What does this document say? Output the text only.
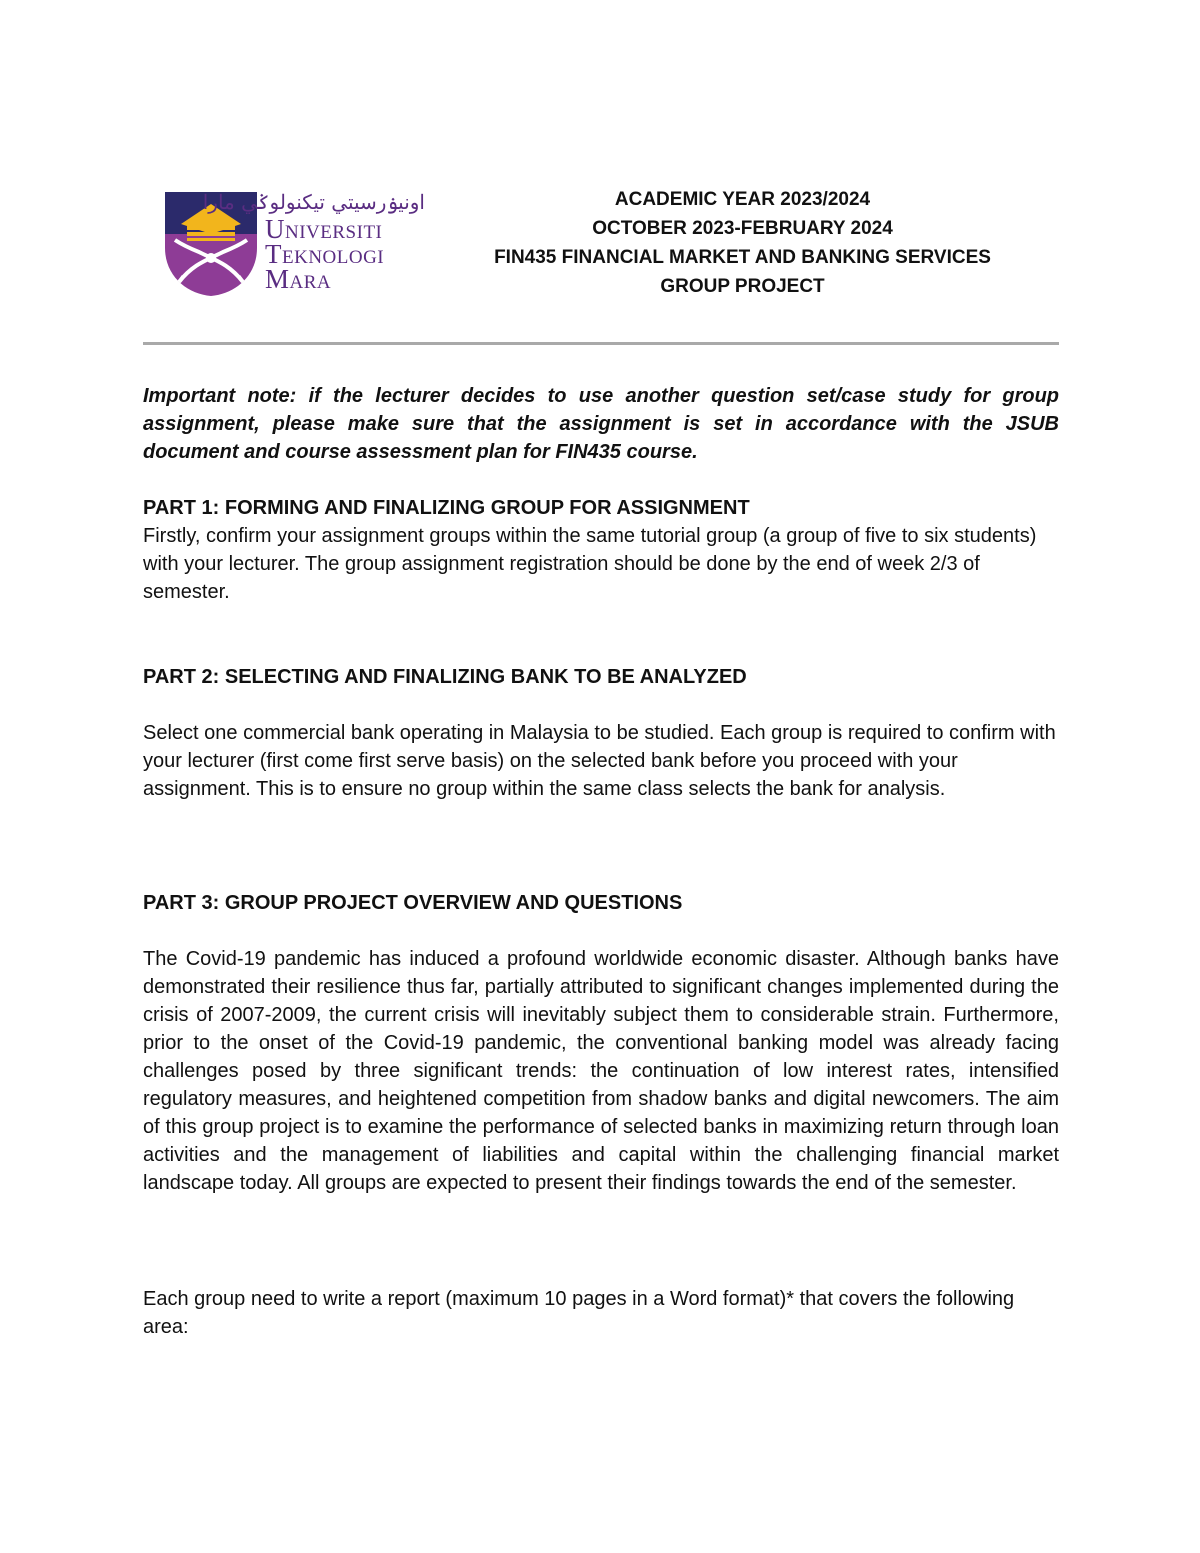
اونيۏرسيتي تيكنولوݢي مارا
Universiti
Teknologi
Mara
ACADEMIC YEAR 2023/2024
OCTOBER 2023-FEBRUARY 2024
FIN435 FINANCIAL MARKET AND BANKING SERVICES
GROUP PROJECT
Important note: if the lecturer decides to use another question set/case study for group assignment, please make sure that the assignment is set in accordance with the JSUB document and course assessment plan for FIN435 course.
PART 1: FORMING AND FINALIZING GROUP FOR ASSIGNMENT
Firstly, confirm your assignment groups within the same tutorial group (a group of five to six students) with your lecturer. The group assignment registration should be done by the end of week 2/3 of semester.
PART 2: SELECTING AND FINALIZING BANK TO BE ANALYZED
Select one commercial bank operating in Malaysia to be studied. Each group is required to confirm with your lecturer (first come first serve basis) on the selected bank before you proceed with your assignment. This is to ensure no group within the same class selects the bank for analysis.
PART 3: GROUP PROJECT OVERVIEW AND QUESTIONS
The Covid-19 pandemic has induced a profound worldwide economic disaster. Although banks have demonstrated their resilience thus far, partially attributed to significant changes implemented during the crisis of 2007-2009, the current crisis will inevitably subject them to considerable strain. Furthermore, prior to the onset of the Covid-19 pandemic, the conventional banking model was already facing challenges posed by three significant trends: the continuation of low interest rates, intensified regulatory measures, and heightened competition from shadow banks and digital newcomers. The aim of this group project is to examine the performance of selected banks in maximizing return through loan activities and the management of liabilities and capital within the challenging financial market landscape today. All groups are expected to present their findings towards the end of the semester.
Each group need to write a report (maximum 10 pages in a Word format)* that covers the following area:
